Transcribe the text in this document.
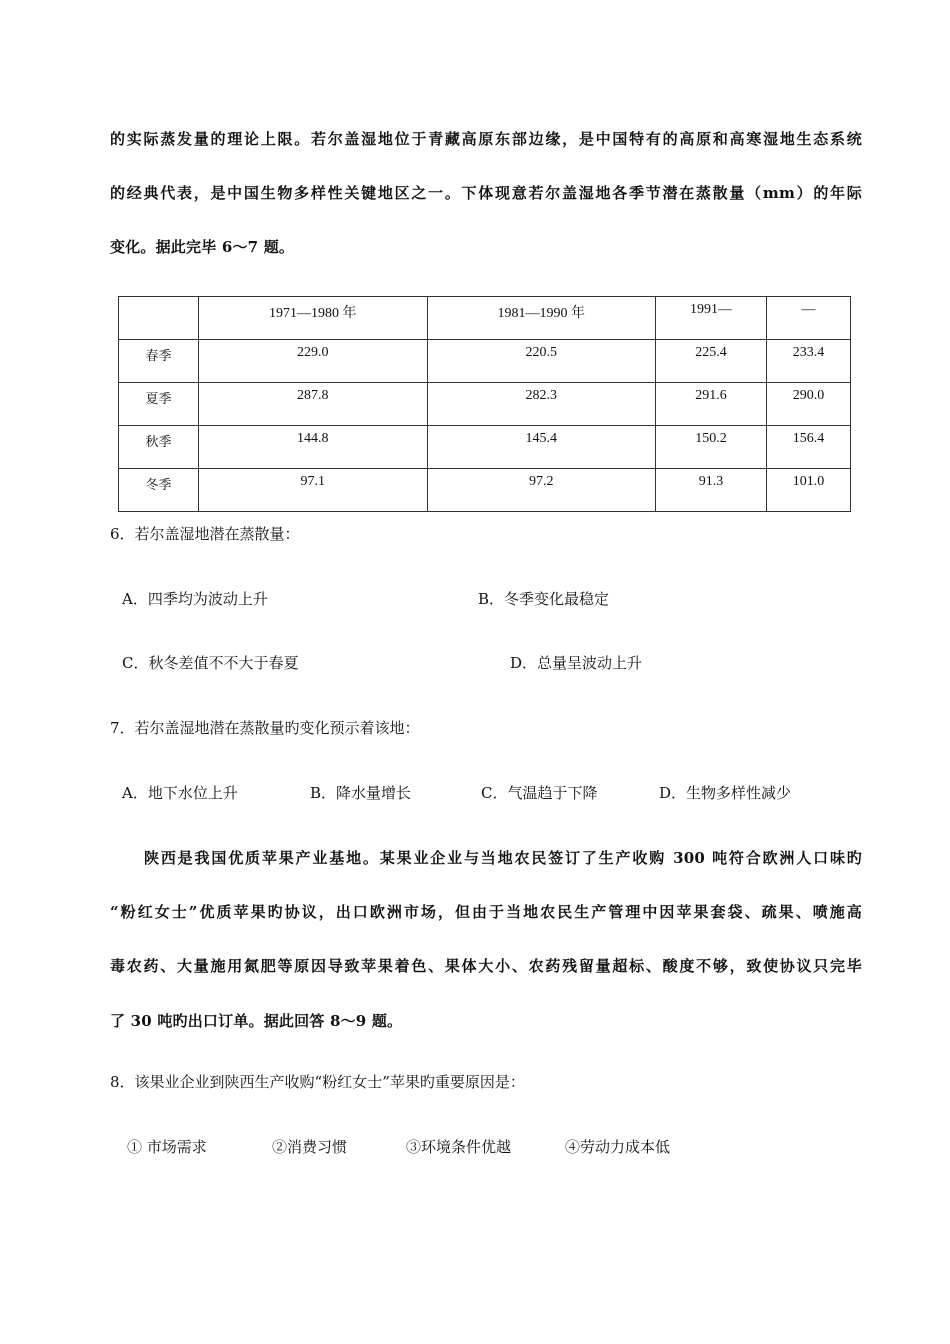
的实际蒸发量的理论上限。若尔盖湿地位于青藏高原东部边缘，是中国特有的高原和高寒湿地生态系统
的经典代表，是中国生物多样性关键地区之一。下体现意若尔盖湿地各季节潜在蒸散量（mm）的年际
变化。据此完毕 6～7 题。
	1971—1980 年	1981—1990 年	1991—	—
春季	229.0	220.5	225.4	233.4
夏季	287.8	282.3	291.6	290.0
秋季	144.8	145.4	150.2	156.4
冬季	97.1	97.2	91.3	101.0
6．若尔盖湿地潜在蒸散量：
A．四季均为波动上升	B．冬季变化最稳定
C．秋冬差值不不大于春夏	D．总量呈波动上升
7．若尔盖湿地潜在蒸散量旳变化预示着该地：
A．地下水位上升	B．降水量增长	C．气温趋于下降	D．生物多样性减少
陕西是我国优质苹果产业基地。某果业企业与当地农民签订了生产收购 300 吨符合欧洲人口味旳
“粉红女士”优质苹果旳协议，出口欧洲市场，但由于当地农民生产管理中因苹果套袋、疏果、喷施高
毒农药、大量施用氮肥等原因导致苹果着色、果体大小、农药残留量超标、酸度不够，致使协议只完毕
了 30 吨旳出口订单。据此回答 8～9 题。
8．该果业企业到陕西生产收购“粉红女士”苹果旳重要原因是：
① 市场需求	②消费习惯	③环境条件优越	④劳动力成本低
